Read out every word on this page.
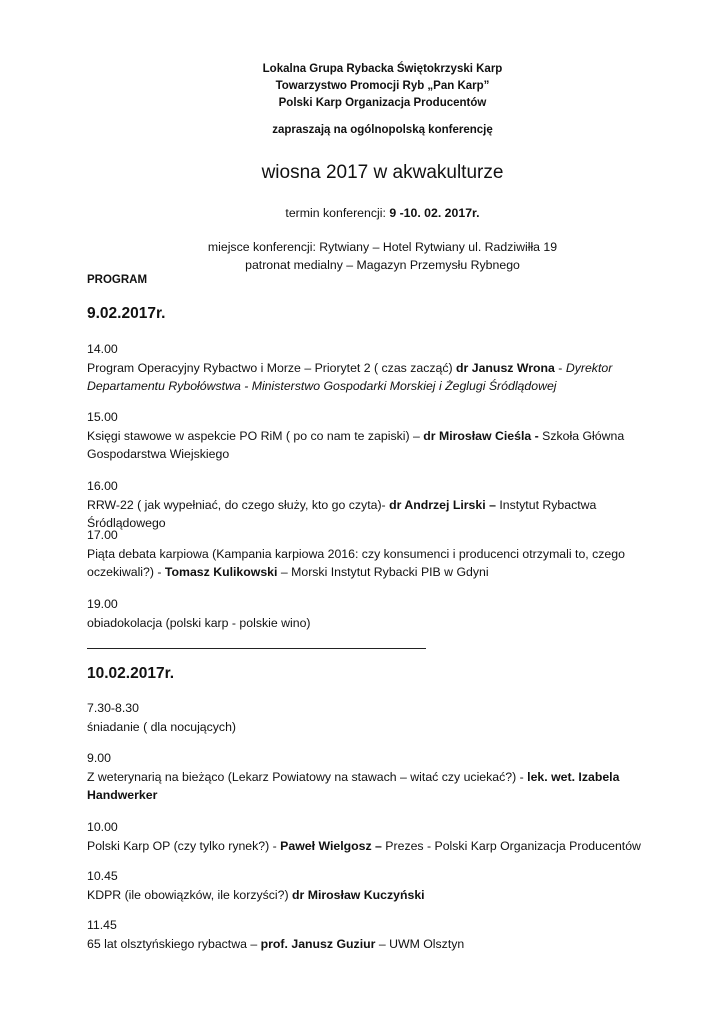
Lokalna Grupa Rybacka Świętokrzyski Karp
Towarzystwo Promocji Ryb „Pan Karp”
Polski Karp Organizacja Producentów
zapraszają na ogólnopolską konferencję
wiosna 2017 w akwakulturze
termin konferencji: 9 -10. 02. 2017r.
miejsce konferencji: Rytwiany – Hotel Rytwiany ul. Radziwiłła 19
patronat medialny – Magazyn Przemysłu Rybnego
PROGRAM
9.02.2017r.
14.00
Program Operacyjny Rybactwo i Morze – Priorytet 2 ( czas zacząć) dr Janusz Wrona - Dyrektor Departamentu Rybołówstwa - Ministerstwo Gospodarki Morskiej i Żeglugi Śródlądowej
15.00
Księgi stawowe w aspekcie PO RiM ( po co nam te zapiski) – dr Mirosław Cieśla - Szkoła Główna Gospodarstwa Wiejskiego
16.00
RRW-22 ( jak wypełniać, do czego służy, kto go czyta)- dr Andrzej Lirski – Instytut Rybactwa Śródlądowego
17.00
Piąta debata karpiowa (Kampania karpiowa 2016: czy konsumenci i producenci otrzymali to, czego oczekiwali?) - Tomasz Kulikowski – Morski Instytut Rybacki PIB w Gdyni
19.00
obiadokolacja (polski karp - polskie wino)
10.02.2017r.
7.30-8.30
śniadanie ( dla nocujących)
9.00
Z weterynarią na bieżąco (Lekarz Powiatowy na stawach – witać czy uciekać?) - lek. wet. Izabela Handwerker
10.00
Polski Karp OP (czy tylko rynek?) - Paweł Wielgosz – Prezes - Polski Karp Organizacja Producentów
10.45
KDPR (ile obowiązków, ile korzyści?) dr Mirosław Kuczyński
11.45
65 lat olsztyńskiego rybactwa – prof. Janusz Guziur – UWM Olsztyn
